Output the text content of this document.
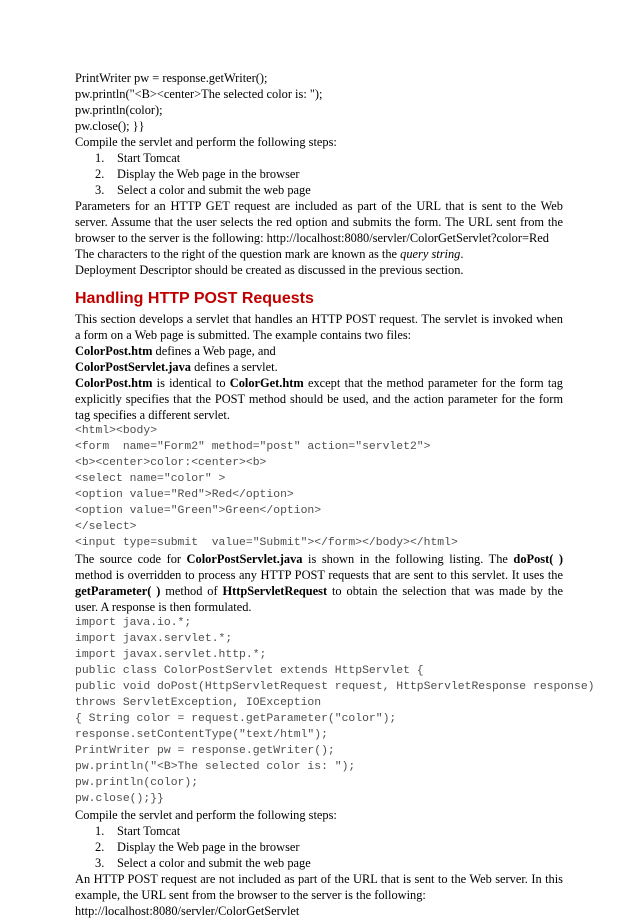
PrintWriter pw = response.getWriter();
pw.println("<B><center>The selected color is: ");
pw.println(color);
pw.close(); }}
Compile the servlet and perform the following steps:
1. Start Tomcat
2. Display the Web page in the browser
3. Select a color and submit the web page
Parameters for an HTTP GET request are included as part of the URL that is sent to the Web server. Assume that the user selects the red option and submits the form. The URL sent from the browser to the server is the following: http://localhost:8080/servler/ColorGetServlet?color=Red
The characters to the right of the question mark are known as the query string.
Deployment Descriptor should be created as discussed in the previous section.
Handling HTTP POST Requests
This section develops a servlet that handles an HTTP POST request. The servlet is invoked when a form on a Web page is submitted. The example contains two files:
ColorPost.htm defines a Web page, and
ColorPostServlet.java defines a servlet.
ColorPost.htm is identical to ColorGet.htm except that the method parameter for the form tag explicitly specifies that the POST method should be used, and the action parameter for the form tag specifies a different servlet.
<html><body>
<form  name="Form2" method="post" action="servlet2">
<b><center>color:<center><b>
<select name="color" >
<option value="Red">Red</option>
<option value="Green">Green</option>
</select>
<input type=submit  value="Submit"></form></body></html>
The source code for ColorPostServlet.java is shown in the following listing. The doPost( ) method is overridden to process any HTTP POST requests that are sent to this servlet. It uses the getParameter( ) method of HttpServletRequest to obtain the selection that was made by the user. A response is then formulated.
import java.io.*;
import javax.servlet.*;
import javax.servlet.http.*;
public class ColorPostServlet extends HttpServlet {
public void doPost(HttpServletRequest request, HttpServletResponse response)
throws ServletException, IOException
{ String color = request.getParameter("color");
response.setContentType("text/html");
PrintWriter pw = response.getWriter();
pw.println("<B>The selected color is: ");
pw.println(color);
pw.close();}}
Compile the servlet and perform the following steps:
1. Start Tomcat
2. Display the Web page in the browser
3. Select a color and submit the web page
An HTTP POST request are not included as part of the URL that is sent to the Web server. In this example, the URL sent from the browser to the server is the following:
http://localhost:8080/servler/ColorGetServlet
